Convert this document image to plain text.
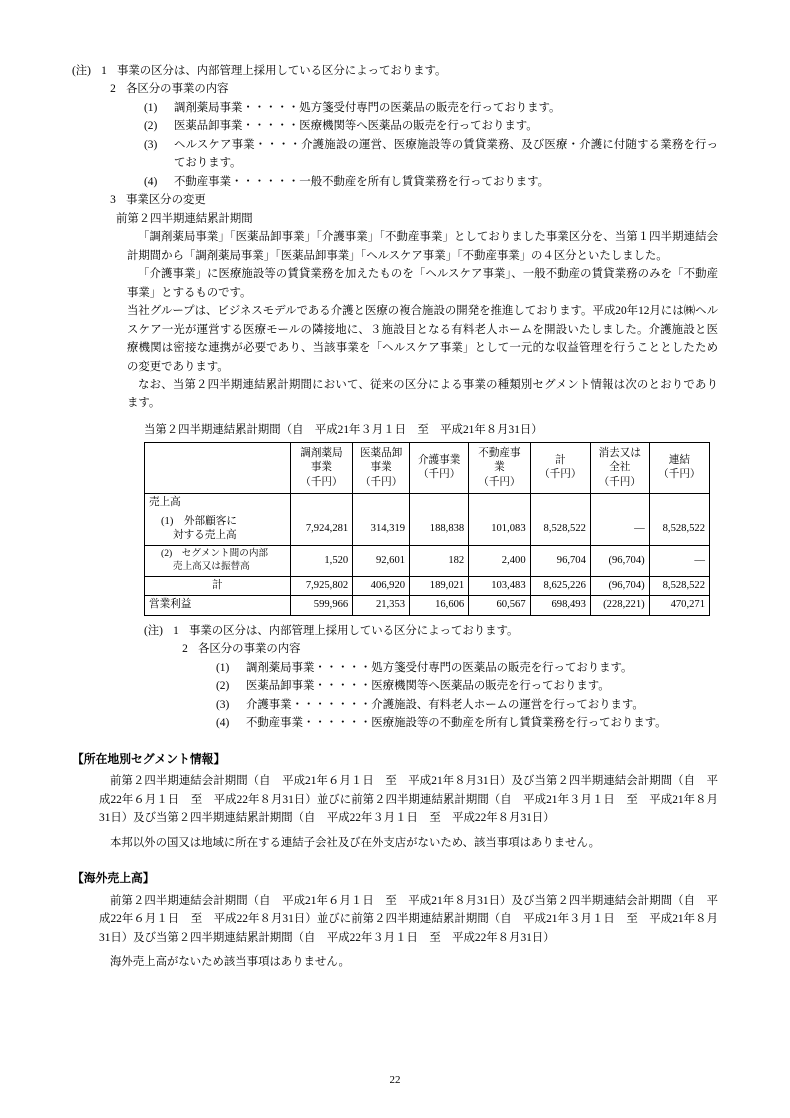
(注) 1 事業の区分は、内部管理上採用している区分によっております。
2 各区分の事業の内容
(1)	調剤薬局事業・・・・・処方箋受付専門の医薬品の販売を行っております。
(2)	医薬品卸事業・・・・・医療機関等へ医薬品の販売を行っております。
(3)	ヘルスケア事業・・・・介護施設の運営、医療施設等の賃貸業務、及び医療・介護に付随する業務を行っております。
(4)	不動産事業・・・・・・一般不動産を所有し賃貸業務を行っております。
3 事業区分の変更
前第２四半期連結累計期間
「調剤薬局事業」「医薬品卸事業」「介護事業」「不動産事業」としておりました事業区分を、当第１四半期連結会計期間から「調剤薬局事業」「医薬品卸事業」「ヘルスケア事業」「不動産事業」の４区分といたしました。
「介護事業」に医療施設等の賃貸業務を加えたものを「ヘルスケア事業」、一般不動産の賃貸業務のみを「不動産事業」とするものです。
当社グループは、ビジネスモデルである介護と医療の複合施設の開発を推進しております。平成20年12月には㈱ヘルスケア一光が運営する医療モールの隣接地に、３施設目となる有料老人ホームを開設いたしました。介護施設と医療機関は密接な連携が必要であり、当該事業を「ヘルスケア事業」として一元的な収益管理を行うこととしたための変更であります。
なお、当第２四半期連結累計期間において、従来の区分による事業の種類別セグメント情報は次のとおりであります。
当第２四半期連結累計期間（自　平成21年３月１日　至　平成21年８月31日）

	調剤薬局
事業
（千円）	医薬品卸
事業
（千円）	介護事業
（千円）	不動産事業
（千円）	計
（千円）	消去又は
全社
（千円）	連結
（千円）

売上高							

(1)　外部顧客に
対する売上高	7,924,281	314,319	188,838	101,083	8,528,522	―	8,528,522

(2)　セグメント間の内部
売上高又は振替高	1,520	92,601	182	2,400	96,704	(96,704)	―
計	7,925,802	406,920	189,021	103,483	8,625,226	(96,704)	8,528,522
営業利益	599,966	21,353	16,606	60,567	698,493	(228,221)	470,271
(注) 1 事業の区分は、内部管理上採用している区分によっております。
2 各区分の事業の内容
(1)	調剤薬局事業・・・・・処方箋受付専門の医薬品の販売を行っております。
(2)	医薬品卸事業・・・・・医療機関等へ医薬品の販売を行っております。
(3)	介護事業・・・・・・・介護施設、有料老人ホームの運営を行っております。
(4)	不動産事業・・・・・・医療施設等の不動産を所有し賃貸業務を行っております。
【所在地別セグメント情報】
前第２四半期連結会計期間（自　平成21年６月１日　至　平成21年８月31日）及び当第２四半期連結会計期間（自　平成22年６月１日　至　平成22年８月31日）並びに前第２四半期連結累計期間（自　平成21年３月１日　至　平成21年８月31日）及び当第２四半期連結累計期間（自　平成22年３月１日　至　平成22年８月31日）
本邦以外の国又は地域に所在する連結子会社及び在外支店がないため、該当事項はありません。
【海外売上高】
前第２四半期連結会計期間（自　平成21年６月１日　至　平成21年８月31日）及び当第２四半期連結会計期間（自　平成22年６月１日　至　平成22年８月31日）並びに前第２四半期連結累計期間（自　平成21年３月１日　至　平成21年８月31日）及び当第２四半期連結累計期間（自　平成22年３月１日　至　平成22年８月31日）
海外売上高がないため該当事項はありません。
22
